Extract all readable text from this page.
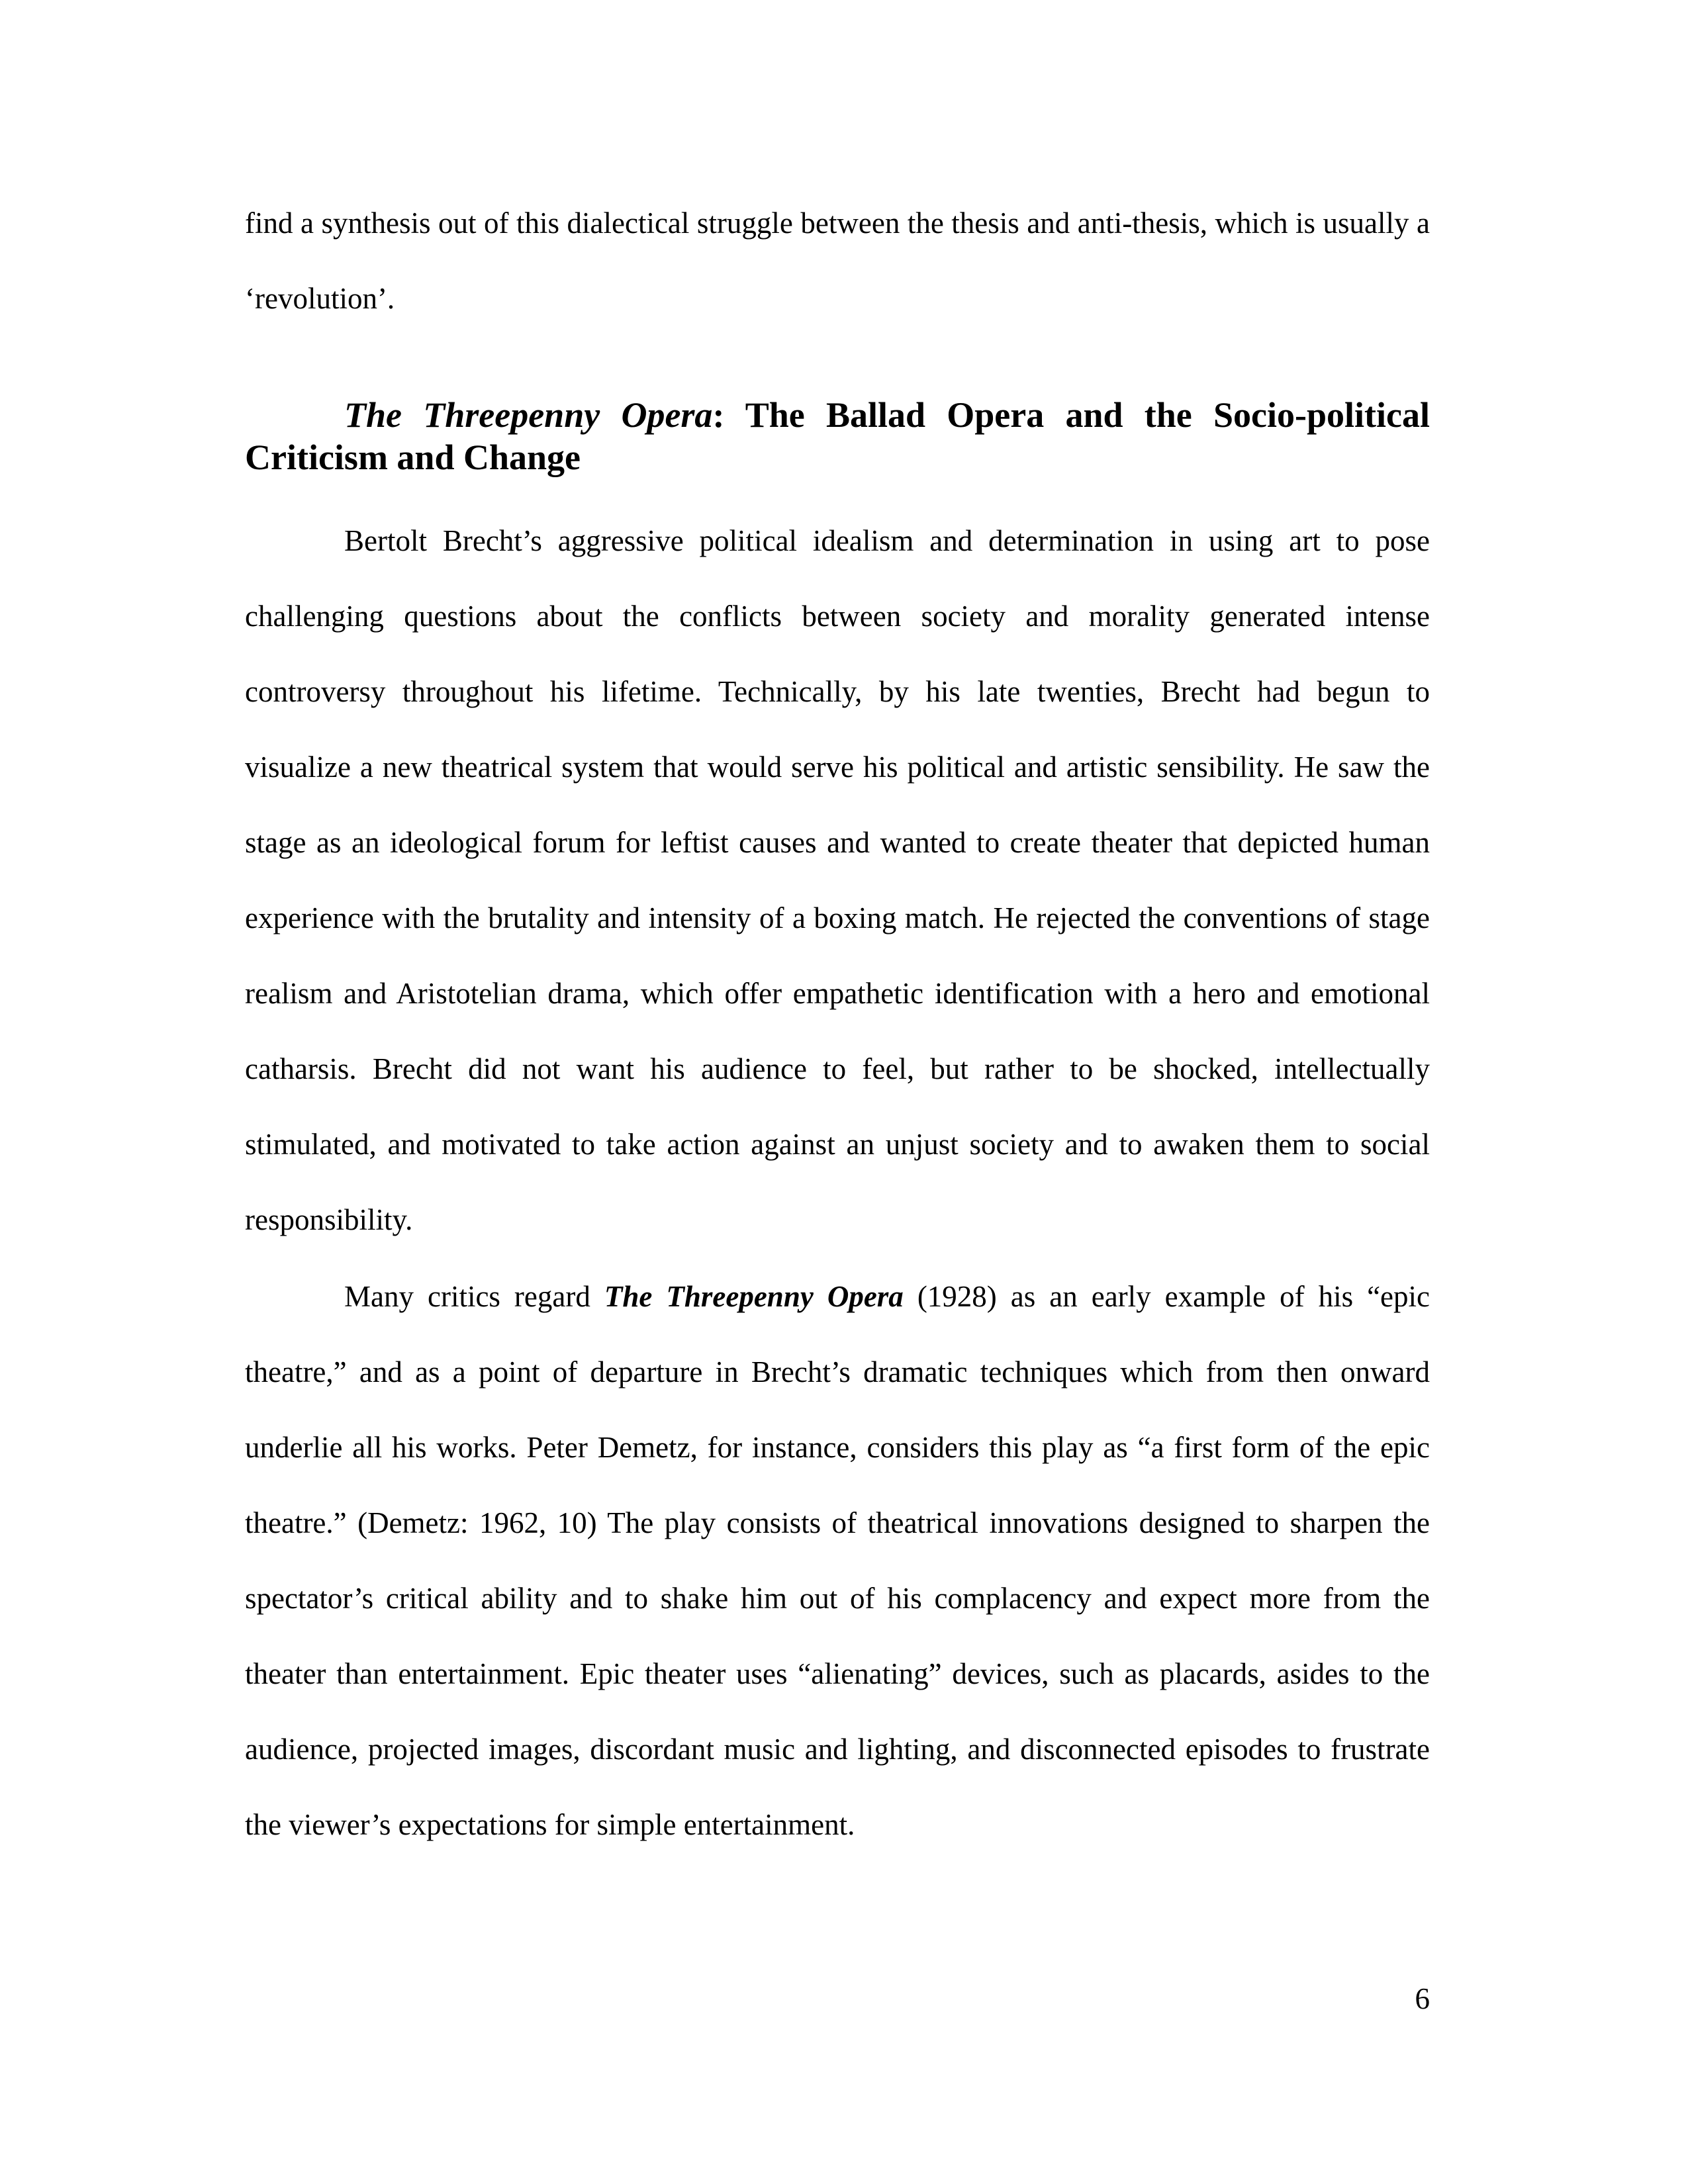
find a synthesis out of this dialectical struggle between the thesis and anti-thesis, which is usually a ‘revolution’.

The Threepenny Opera: The Ballad Opera and the Socio-political Criticism and Change

Bertolt Brecht’s aggressive political idealism and determination in using art to pose challenging questions about the conflicts between society and morality generated intense controversy throughout his lifetime. Technically, by his late twenties, Brecht had begun to visualize a new theatrical system that would serve his political and artistic sensibility. He saw the stage as an ideological forum for leftist causes and wanted to create theater that depicted human experience with the brutality and intensity of a boxing match. He rejected the conventions of stage realism and Aristotelian drama, which offer empathetic identification with a hero and emotional catharsis. Brecht did not want his audience to feel, but rather to be shocked, intellectually stimulated, and motivated to take action against an unjust society and to awaken them to social responsibility.

Many critics regard The Threepenny Opera (1928) as an early example of his “epic theatre,” and as a point of departure in Brecht’s dramatic techniques which from then onward underlie all his works. Peter Demetz, for instance, considers this play as “a first form of the epic theatre.” (Demetz: 1962, 10) The play consists of theatrical innovations designed to sharpen the spectator’s critical ability and to shake him out of his complacency and expect more from the theater than entertainment. Epic theater uses “alienating” devices, such as placards, asides to the audience, projected images, discordant music and lighting, and disconnected episodes to frustrate the viewer’s expectations for simple entertainment.

6
